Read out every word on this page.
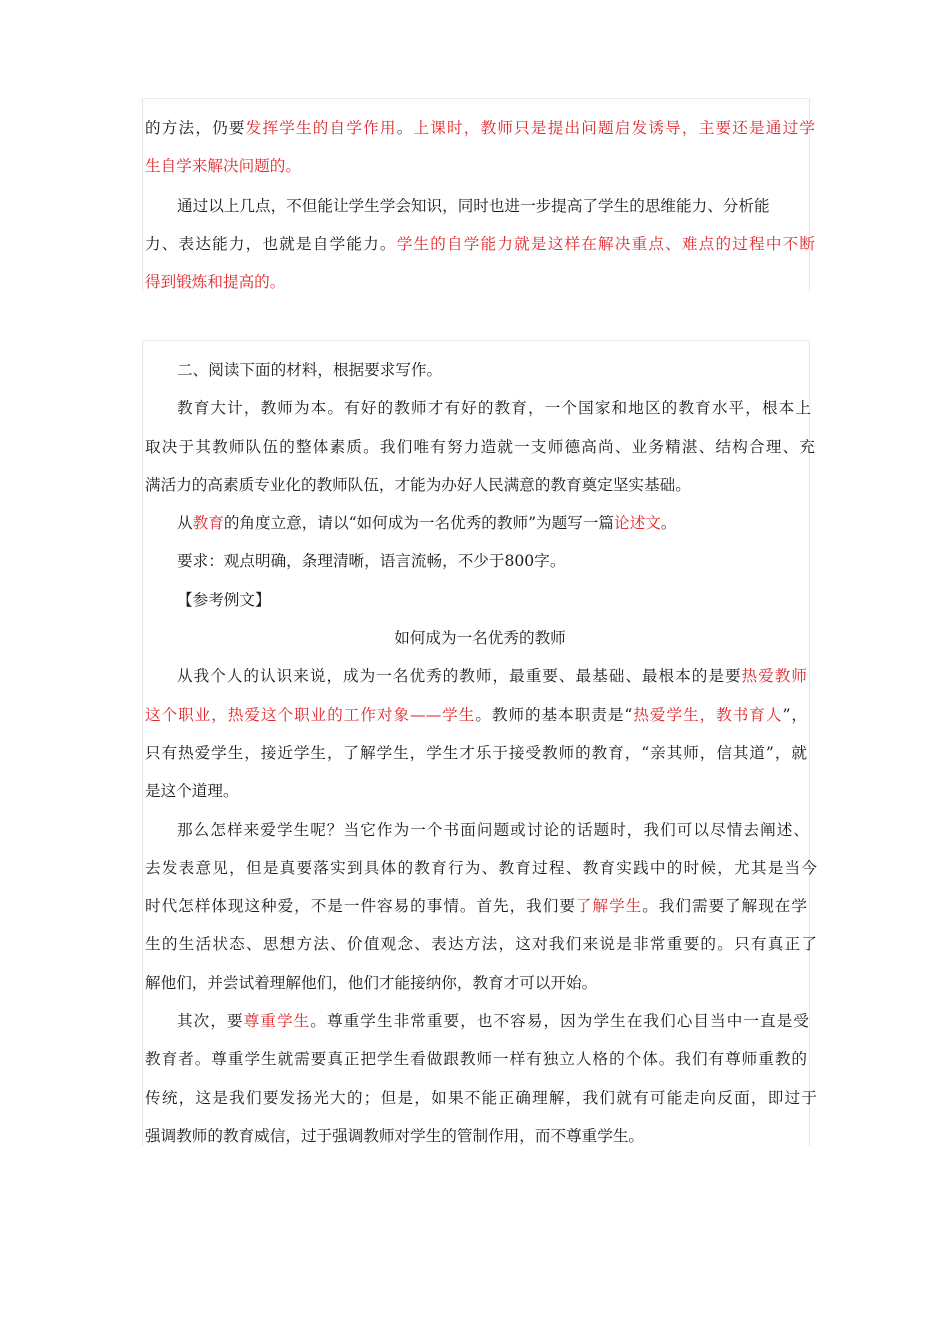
的方法，仍要发挥学生的自学作用。上课时，教师只是提出问题启发诱导，主要还是通过学
生自学来解决问题的。
通过以上几点，不但能让学生学会知识，同时也进一步提高了学生的思维能力、分析能
力、表达能力，也就是自学能力。学生的自学能力就是这样在解决重点、难点的过程中不断
得到锻炼和提高的。
二、阅读下面的材料，根据要求写作。
教育大计，教师为本。有好的教师才有好的教育，一个国家和地区的教育水平，根本上
取决于其教师队伍的整体素质。我们唯有努力造就一支师德高尚、业务精湛、结构合理、充
满活力的高素质专业化的教师队伍，才能为办好人民满意的教育奠定坚实基础。
从教育的角度立意，请以“如何成为一名优秀的教师”为题写一篇论述文。
要求：观点明确，条理清晰，语言流畅，不少于800字。
【参考例文】
如何成为一名优秀的教师
从我个人的认识来说，成为一名优秀的教师，最重要、最基础、最根本的是要热爱教师
这个职业，热爱这个职业的工作对象——学生。教师的基本职责是“热爱学生，教书育人”，
只有热爱学生，接近学生，了解学生，学生才乐于接受教师的教育，“亲其师，信其道”，就
是这个道理。
那么怎样来爱学生呢？当它作为一个书面问题或讨论的话题时，我们可以尽情去阐述、
去发表意见，但是真要落实到具体的教育行为、教育过程、教育实践中的时候，尤其是当今
时代怎样体现这种爱，不是一件容易的事情。首先，我们要了解学生。我们需要了解现在学
生的生活状态、思想方法、价值观念、表达方法，这对我们来说是非常重要的。只有真正了
解他们，并尝试着理解他们，他们才能接纳你，教育才可以开始。
其次，要尊重学生。尊重学生非常重要，也不容易，因为学生在我们心目当中一直是受
教育者。尊重学生就需要真正把学生看做跟教师一样有独立人格的个体。我们有尊师重教的
传统，这是我们要发扬光大的；但是，如果不能正确理解，我们就有可能走向反面，即过于
强调教师的教育威信，过于强调教师对学生的管制作用，而不尊重学生。
